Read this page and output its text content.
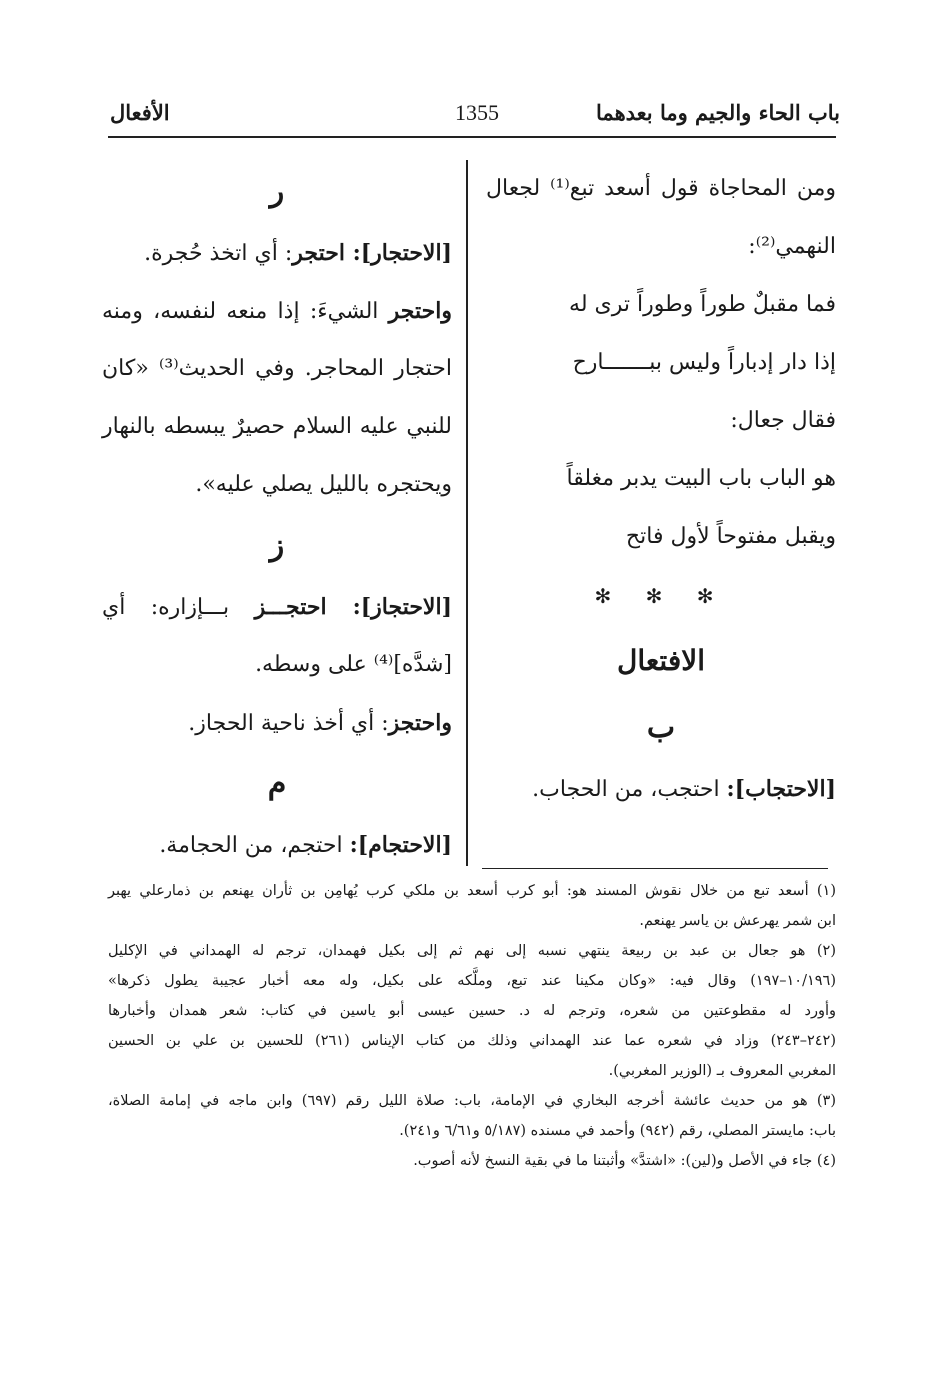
باب الحاء والجيم وما بعدهما
1355
الأفعال
ومن المحاجاة قول أسعد تبع⁽¹⁾ لجعال
النهمي⁽²⁾:
فما مقبلٌ طوراً وطوراً ترى له
إذا دار إدباراً وليس ببـــــــارح
فقال جعال:
هو الباب باب البيت يدبر مغلقاً
ويقبل مفتوحاً لأول فاتح
✻ ✻ ✻
الافتعال
ب
[الاحتجاب]: احتجب، من الحجاب.
ر
[الاحتجار]: احتجر: أي اتخذ حُجرة.
واحتجر الشيءَ: إذا منعه لنفسه، ومنه
احتجار المحاجر. وفي الحديث⁽³⁾ «كان
للنبي عليه السلام حصيرٌ يبسطه بالنهار
ويحتجره بالليل يصلي عليه».
ز
[الاحتجاز]: احتجـــز بـــإزاره: أي
[شدَّه]⁽⁴⁾ على وسطه.
واحتجز: أي أخذ ناحية الحجاز.
م
[الاحتجام]: احتجم، من الحجامة.
(١) أسعد تبع من خلال نقوش المسند هو: أبو كرب أسعد بن ملكي كرب يُهامِن بن ثأران يهنعم بن ذمارعلي يهبر
ابن شمر يهرعش بن ياسر يهنعم.
(٢) هو جعال بن عبد بن ربيعة ينتهي نسبه إلى نهم ثم إلى بكيل فهمدان، ترجم له الهمداني في الإكليل
(١٠/١٩٦–١٩٧) وقال فيه: «وكان مكينا عند تبع، وملَّكه على بكيل، وله معه أخبار عجيبة يطول ذكرها»
وأورد له مقطوعتين من شعره، وترجم له د. حسين عيسى أبو ياسين في كتاب: شعر همدان وأخبارها
(٢٤٢–٢٤٣) وزاد في شعره عما عند الهمداني وذلك من كتاب الإيناس (٢٦١) للحسين بن علي بن الحسين
المغربي المعروف بـ (الوزير المغربي).
(٣) هو من حديث عائشة أخرجه البخاري في الإمامة، باب: صلاة الليل رقم (٦٩٧) وابن ماجه في إمامة الصلاة،
باب: مايستر المصلي، رقم (٩٤٢) وأحمد في مسنده (٥/١٨٧ و٦/٦١ و٢٤١).
(٤) جاء في الأصل و(لين): «اشتدَّ» وأثبتنا ما في بقية النسخ لأنه أصوب.
